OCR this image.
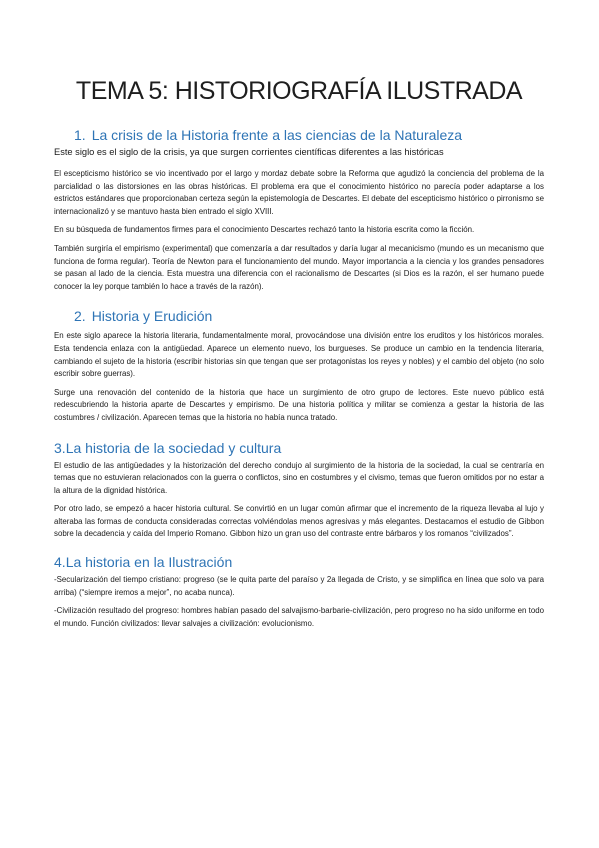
TEMA 5: HISTORIOGRAFÍA ILUSTRADA
1. La crisis de la Historia frente a las ciencias de la Naturaleza

Este siglo es el siglo de la crisis, ya que surgen corrientes científicas diferentes a las históricas

El escepticismo histórico se vio incentivado por el largo y mordaz debate sobre la Reforma que agudizó la conciencia del problema de la parcialidad o las distorsiones en las obras históricas. El problema era que el conocimiento histórico no parecía poder adaptarse a los estrictos estándares que proporcionaban certeza según la epistemología de Descartes. El debate del escepticismo histórico o pirronismo se internacionalizó y se mantuvo hasta bien entrado el siglo XVIII.

En su búsqueda de fundamentos firmes para el conocimiento Descartes rechazó tanto la historia escrita como la ficción.

También surgiría el empirismo (experimental) que comenzaría a dar resultados y daría lugar al mecanicismo (mundo es un mecanismo que funciona de forma regular). Teoría de Newton para el funcionamiento del mundo. Mayor importancia a la ciencia y los grandes pensadores se pasan al lado de la ciencia. Esta muestra una diferencia con el racionalismo de Descartes (si Dios es la razón, el ser humano puede conocer la ley porque también lo hace a través de la razón).

2. Historia y Erudición

En este siglo aparece la historia literaria, fundamentalmente moral, provocándose una división entre los eruditos y los históricos morales. Esta tendencia enlaza con la antigüedad. Aparece un elemento nuevo, los burgueses. Se produce un cambio en la tendencia literaria, cambiando el sujeto de la historia (escribir historias sin que tengan que ser protagonistas los reyes y nobles) y el cambio del objeto (no solo escribir sobre guerras).

Surge una renovación del contenido de la historia que hace un surgimiento de otro grupo de lectores. Este nuevo público está redescubriendo la historia aparte de Descartes y empirismo. De una historia política y militar se comienza a gestar la historia de las costumbres / civilización. Aparecen temas que la historia no había nunca tratado.

3.La historia de la sociedad y cultura

El estudio de las antigüedades y la historización del derecho condujo al surgimiento de la historia de la sociedad, la cual se centraría en temas que no estuvieran relacionados con la guerra o conflictos, sino en costumbres y el civismo, temas que fueron omitidos por no estar a la altura de la dignidad histórica.

Por otro lado, se empezó a hacer historia cultural. Se convirtió en un lugar común afirmar que el incremento de la riqueza llevaba al lujo y alteraba las formas de conducta consideradas correctas volviéndolas menos agresivas y más elegantes. Destacamos el estudio de Gibbon sobre la decadencia y caída del Imperio Romano. Gibbon hizo un gran uso del contraste entre bárbaros y los romanos “civilizados”.

4.La historia en la Ilustración

-Secularización del tiempo cristiano: progreso (se le quita parte del paraíso y 2a llegada de Cristo, y se simplifica en línea que solo va para arriba) (“siempre iremos a mejor”, no acaba nunca).

-Civilización resultado del progreso: hombres habían pasado del salvajismo-barbarie-civilización, pero progreso no ha sido uniforme en todo el mundo. Función civilizados: llevar salvajes a civilización: evolucionismo.
